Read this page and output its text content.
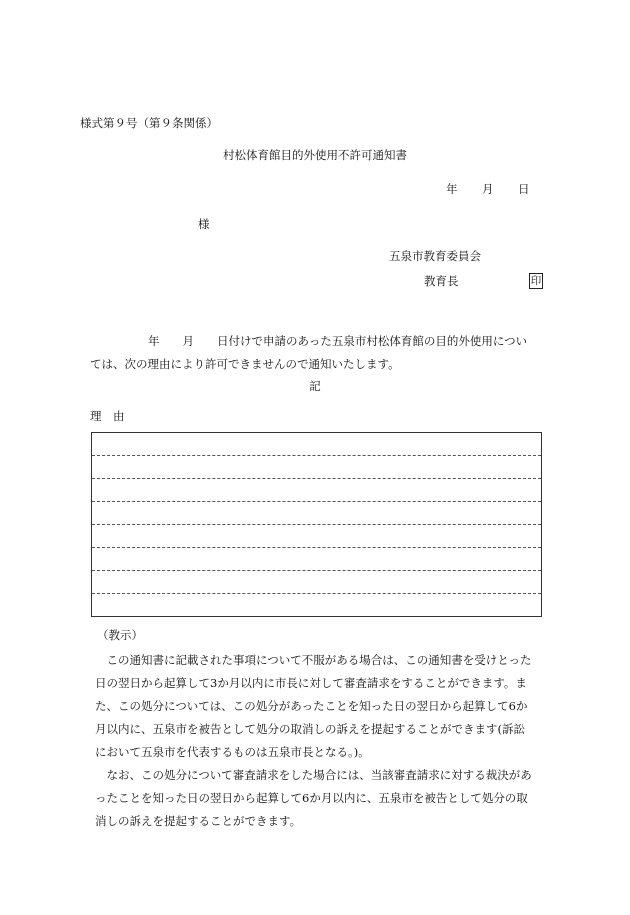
様式第９号（第９条関係）
村松体育館目的外使用不許可通知書
年 月 日
様
五泉市教育委員会
教育長	印
年　　月　　日付けで申請のあった五泉市村松体育館の目的外使用につい
ては、次の理由により許可できませんので通知いたします。
記
理　由
（教示）
　この通知書に記載された事項について不服がある場合は、この通知書を受けとった
日の翌日から起算して3か月以内に市長に対して審査請求をすることができます。ま
た、この処分については、この処分があったことを知った日の翌日から起算して6か
月以内に、五泉市を被告として処分の取消しの訴えを提起することができます(訴訟
において五泉市を代表するものは五泉市長となる。)。
　なお、この処分について審査請求をした場合には、当該審査請求に対する裁決があ
ったことを知った日の翌日から起算して6か月以内に、五泉市を被告として処分の取
消しの訴えを提起することができます。
